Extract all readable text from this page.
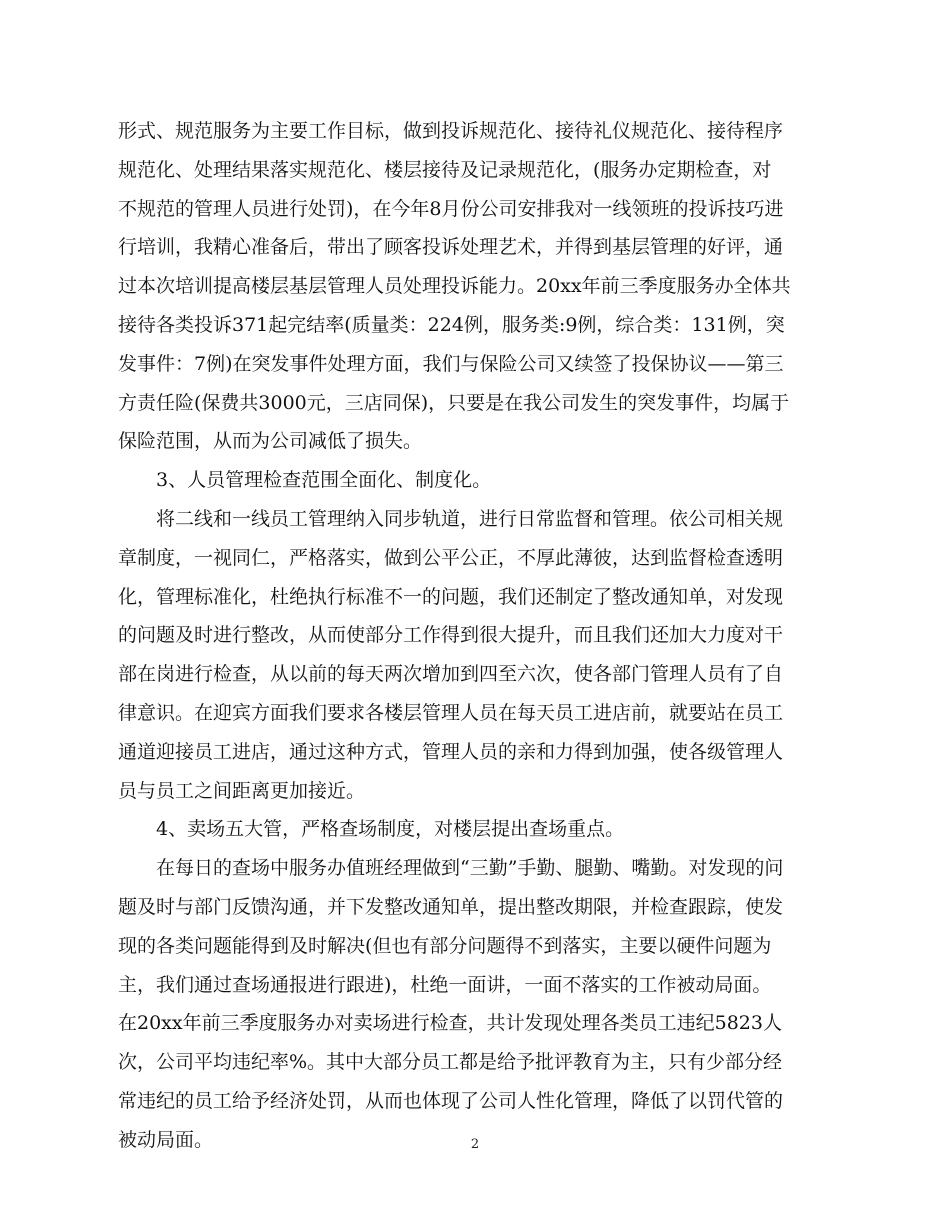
形式、规范服务为主要工作目标，做到投诉规范化、接待礼仪规范化、接待程序
规范化、处理结果落实规范化、楼层接待及记录规范化，(服务办定期检查，对
不规范的管理人员进行处罚)，在今年8月份公司安排我对一线领班的投诉技巧进
行培训，我精心准备后，带出了顾客投诉处理艺术，并得到基层管理的好评，通
过本次培训提高楼层基层管理人员处理投诉能力。20xx年前三季度服务办全体共
接待各类投诉371起完结率(质量类：224例，服务类:9例，综合类：131例，突
发事件：7例)在突发事件处理方面，我们与保险公司又续签了投保协议——第三
方责任险(保费共3000元，三店同保)，只要是在我公司发生的突发事件，均属于
保险范围，从而为公司减低了损失。
3、人员管理检查范围全面化、制度化。
将二线和一线员工管理纳入同步轨道，进行日常监督和管理。依公司相关规
章制度，一视同仁，严格落实，做到公平公正，不厚此薄彼，达到监督检查透明
化，管理标准化，杜绝执行标准不一的问题，我们还制定了整改通知单，对发现
的问题及时进行整改，从而使部分工作得到很大提升，而且我们还加大力度对干
部在岗进行检查，从以前的每天两次增加到四至六次，使各部门管理人员有了自
律意识。在迎宾方面我们要求各楼层管理人员在每天员工进店前，就要站在员工
通道迎接员工进店，通过这种方式，管理人员的亲和力得到加强，使各级管理人
员与员工之间距离更加接近。
4、卖场五大管，严格查场制度，对楼层提出查场重点。
在每日的查场中服务办值班经理做到“三勤”手勤、腿勤、嘴勤。对发现的问
题及时与部门反馈沟通，并下发整改通知单，提出整改期限，并检查跟踪，使发
现的各类问题能得到及时解决(但也有部分问题得不到落实，主要以硬件问题为
主，我们通过查场通报进行跟进)，杜绝一面讲，一面不落实的工作被动局面。
在20xx年前三季度服务办对卖场进行检查，共计发现处理各类员工违纪5823人
次，公司平均违纪率%。其中大部分员工都是给予批评教育为主，只有少部分经
常违纪的员工给予经济处罚，从而也体现了公司人性化管理，降低了以罚代管的
被动局面。	2
